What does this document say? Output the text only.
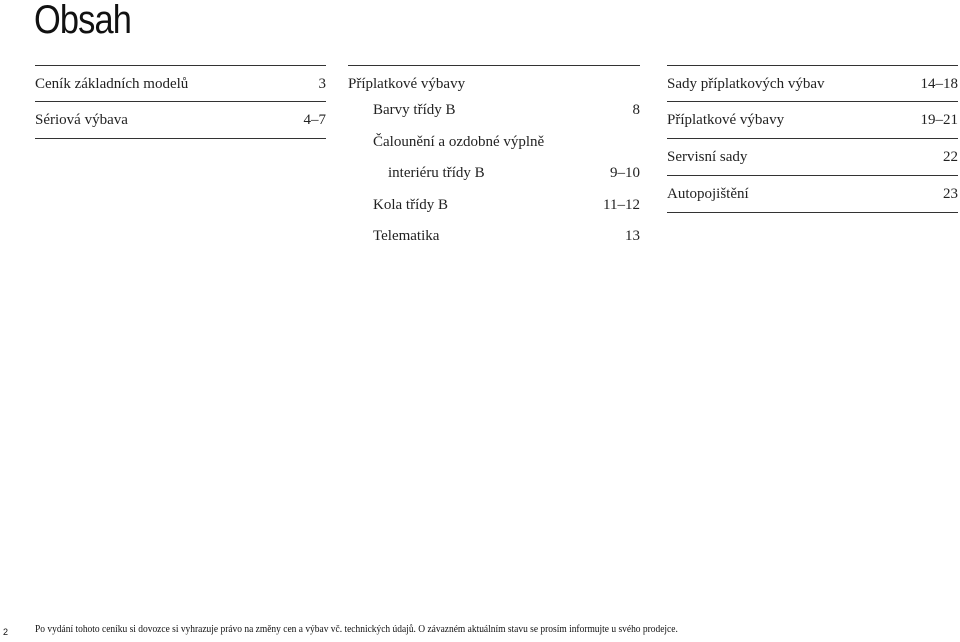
Obsah
Ceník základních modelů	3
Sériová výbava	4–7
Příplatkové výbavy
Barvy třídy B	8
Čalounění a ozdobné výplně
interiéru třídy B	9–10
Kola třídy B	11–12
Telematika	13
Sady příplatkových výbav	14–18
Příplatkové výbavy	19–21
Servisní sady	22
Autopojištění	23
2 Po vydání tohoto ceníku si dovozce si vyhrazuje právo na změny cen a výbav vč. technických údajů. O závazném aktuálním stavu se prosím informujte u svého prodejce.
